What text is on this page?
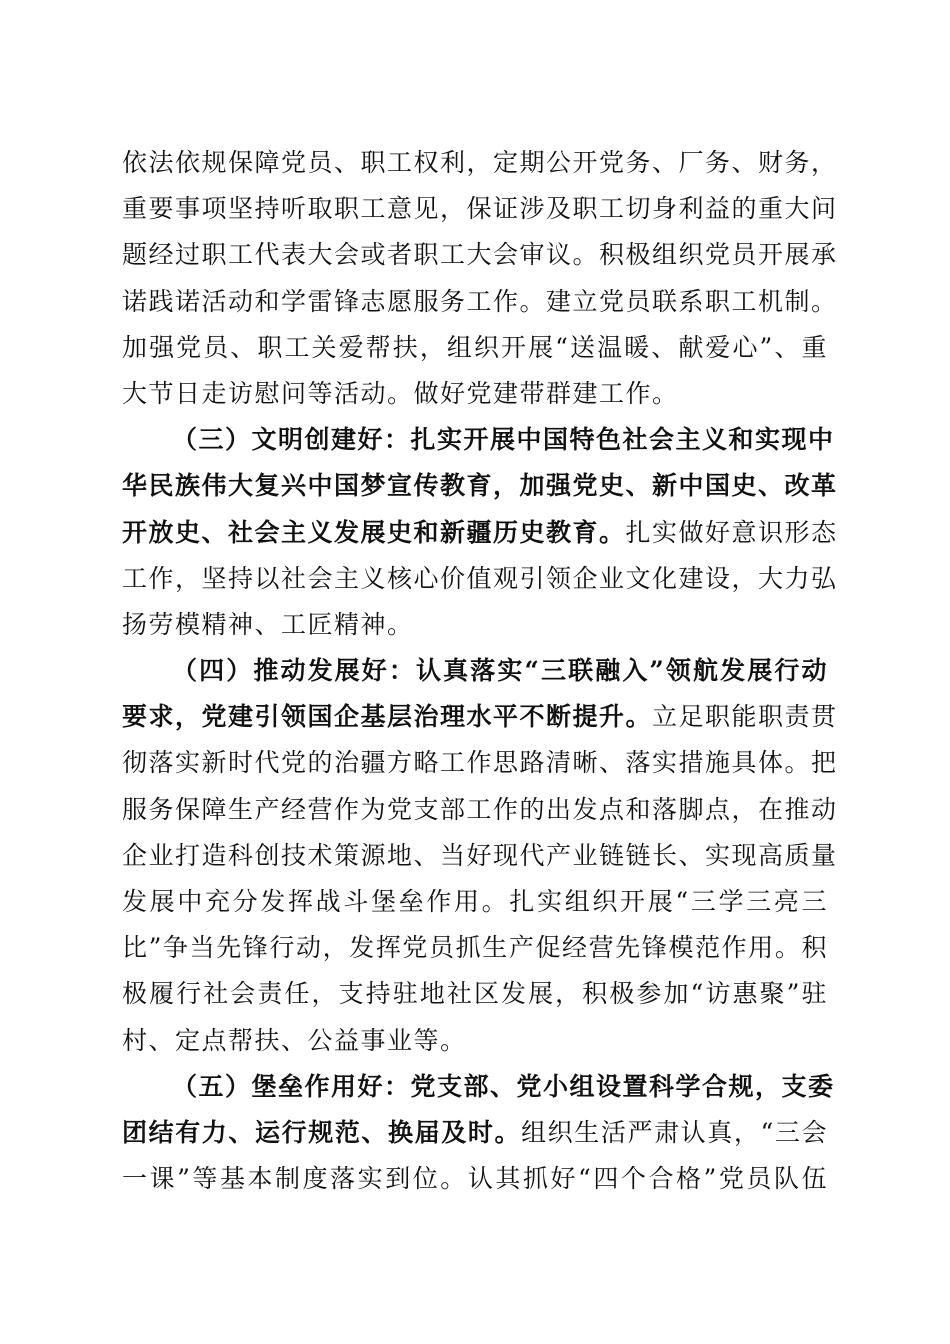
依法依规保障党员、职工权利，定期公开党务、厂务、财务，
重要事项坚持听取职工意见，保证涉及职工切身利益的重大问
题经过职工代表大会或者职工大会审议。积极组织党员开展承
诺践诺活动和学雷锋志愿服务工作。建立党员联系职工机制。
加强党员、职工关爱帮扶，组织开展“送温暖、献爱心”、重
大节日走访慰问等活动。做好党建带群建工作。
（三）文明创建好：扎实开展中国特色社会主义和实现中
华民族伟大复兴中国梦宣传教育，加强党史、新中国史、改革
开放史、社会主义发展史和新疆历史教育。扎实做好意识形态
工作，坚持以社会主义核心价值观引领企业文化建设，大力弘
扬劳模精神、工匠精神。
（四）推动发展好：认真落实“三联融入”领航发展行动
要求，党建引领国企基层治理水平不断提升。立足职能职责贯
彻落实新时代党的治疆方略工作思路清晰、落实措施具体。把
服务保障生产经营作为党支部工作的出发点和落脚点，在推动
企业打造科创技术策源地、当好现代产业链链长、实现高质量
发展中充分发挥战斗堡垒作用。扎实组织开展“三学三亮三
比”争当先锋行动，发挥党员抓生产促经营先锋模范作用。积
极履行社会责任，支持驻地社区发展，积极参加“访惠聚”驻
村、定点帮扶、公益事业等。
（五）堡垒作用好：党支部、党小组设置科学合规，支委
团结有力、运行规范、换届及时。组织生活严肃认真，“三会
一课”等基本制度落实到位。认其抓好“四个合格”党员队伍
